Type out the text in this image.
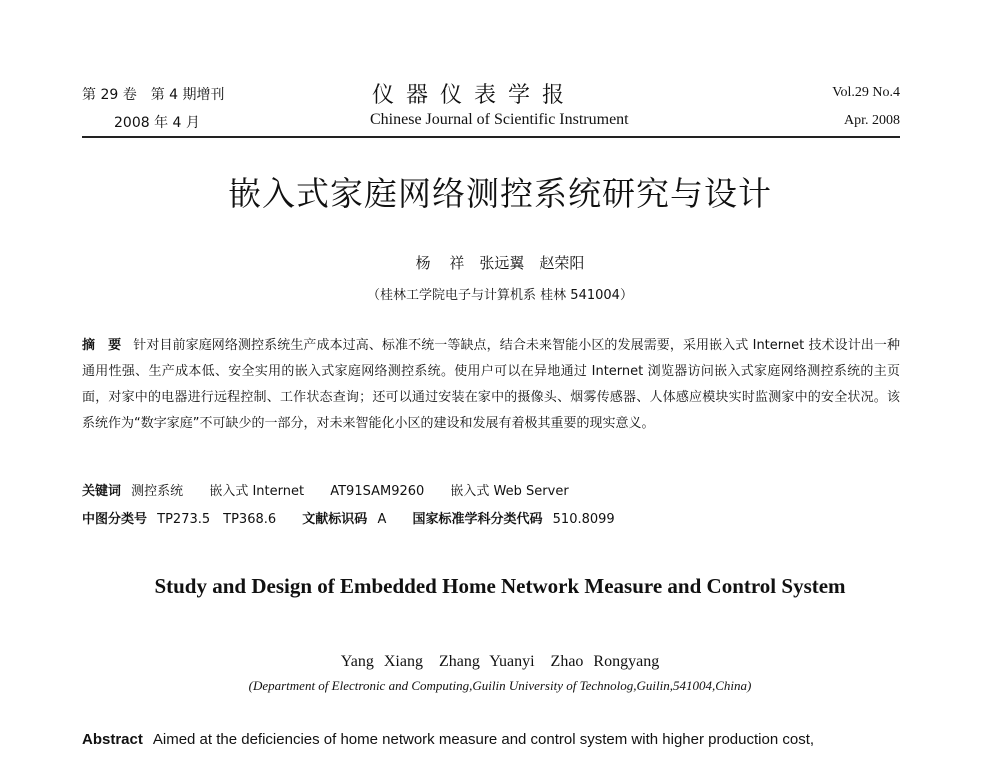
第 29 卷　第 4 期增刊
2008 年 4 月
仪器仪表学报
Chinese Journal of Scientific Instrument
Vol.29 No.4
Apr. 2008
嵌入式家庭网络测控系统研究与设计
杨 祥　张远翼　赵荣阳
（桂林工学院电子与计算机系 桂林 541004）
摘　要 针对目前家庭网络测控系统生产成本过高、标准不统一等缺点，结合未来智能小区的发展需要，采用嵌入式 Internet 技术设计出一种通用性强、生产成本低、安全实用的嵌入式家庭网络测控系统。使用户可以在异地通过 Internet 浏览器访问嵌入式家庭网络测控系统的主页面，对家中的电器进行远程控制、工作状态查询；还可以通过安装在家中的摄像头、烟雾传感器、人体感应模块实时监测家中的安全状况。该系统作为“数字家庭”不可缺少的一部分，对未来智能化小区的建设和发展有着极其重要的现实意义。
关键词 测控系统 嵌入式 Internet AT91SAM9260 嵌入式 Web Server
中图分类号 TP273.5　TP368.6 文献标识码 A 国家标准学科分类代码 510.8099
Study and Design of Embedded Home Network Measure and Control System
Yang Xiang　Zhang Yuanyi　Zhao Rongyang
(Department of Electronic and Computing,Guilin University of Technolog,Guilin,541004,China)
Abstract Aimed at the deficiencies of home network measure and control system with higher production cost,
